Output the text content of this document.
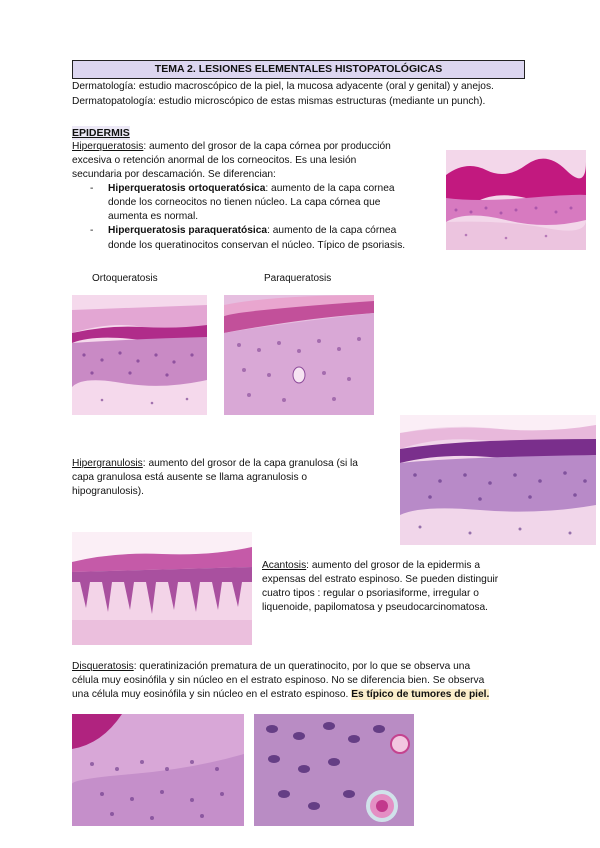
TEMA 2. LESIONES ELEMENTALES HISTOPATOLÓGICAS
Dermatología: estudio macroscópico de la piel, la mucosa adyacente (oral y genital) y anejos.
Dermatopatología: estudio microscópico de estas mismas estructuras (mediante un punch).
EPIDERMIS
Hiperqueratosis: aumento del grosor de la capa córnea por producción
excesiva o retención anormal de los corneocitos. Es una lesión
secundaria por descamación. Se diferencian:
- Hiperqueratosis ortoqueratósica: aumento de la capa cornea
donde los corneocitos no tienen núcleo. La capa córnea que
aumenta es normal.
- Hiperqueratosis paraqueratósica: aumento de la capa córnea
donde los queratinocitos conservan el núcleo. Típico de psoriasis.
Ortoqueratosis	Paraqueratosis
Hipergranulosis: aumento del grosor de la capa granulosa (si la
capa granulosa está ausente se llama agranulosis o
hipogranulosis).
Acantosis: aumento del grosor de la epidermis a
expensas del estrato espinoso. Se pueden distinguir
cuatro tipos : regular o psoriasiforme, irregular o
liquenoide, papilomatosa y pseudocarcinomatosa.
Disqueratosis: queratinización prematura de un queratinocito, por lo que se observa una
célula muy eosinófila y sin núcleo en el estrato espinoso. No se diferencia bien. Se observa
una célula muy eosinófila y sin núcleo en el estrato espinoso. Es típico de tumores de piel.
